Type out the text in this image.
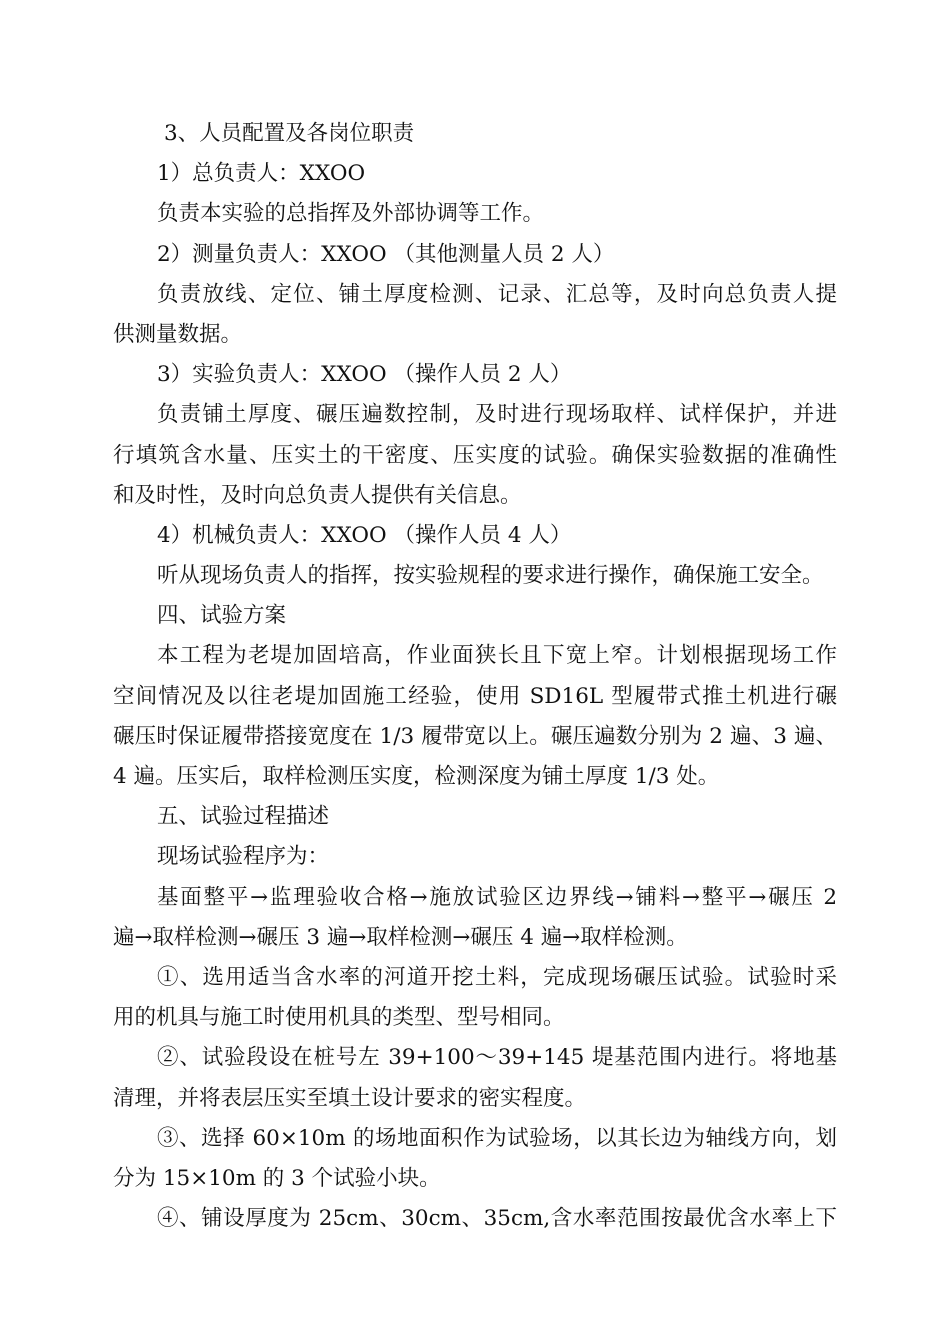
3、人员配置及各岗位职责
1）总负责人：XXOO
负责本实验的总指挥及外部协调等工作。
2）测量负责人：XXOO （其他测量人员 2 人）
负责放线、定位、铺土厚度检测、记录、汇总等，及时向总负责人提
供测量数据。
3）实验负责人：XXOO （操作人员 2 人）
负责铺土厚度、碾压遍数控制，及时进行现场取样、试样保护，并进
行填筑含水量、压实土的干密度、压实度的试验。确保实验数据的准确性
和及时性，及时向总负责人提供有关信息。
4）机械负责人：XXOO （操作人员 4 人）
听从现场负责人的指挥，按实验规程的要求进行操作，确保施工安全。
四、试验方案
本工程为老堤加固培高，作业面狭长且下宽上窄。计划根据现场工作
空间情况及以往老堤加固施工经验，使用 SD16L 型履带式推土机进行碾
碾压时保证履带搭接宽度在 1/3 履带宽以上。碾压遍数分别为 2 遍、3 遍、
4 遍。压实后，取样检测压实度，检测深度为铺土厚度 1/3 处。
五、试验过程描述
现场试验程序为：
基面整平→监理验收合格→施放试验区边界线→铺料→整平→碾压 2
遍→取样检测→碾压 3 遍→取样检测→碾压 4 遍→取样检测。
①、选用适当含水率的河道开挖土料，完成现场碾压试验。试验时采
用的机具与施工时使用机具的类型、型号相同。
②、试验段设在桩号左 39+100～39+145 堤基范围内进行。将地基
清理，并将表层压实至填土设计要求的密实程度。
③、选择 60×10m 的场地面积作为试验场，以其长边为轴线方向，划
分为 15×10m 的 3 个试验小块。
④、铺设厚度为 25cm、30cm、35cm,含水率范围按最优含水率上下
